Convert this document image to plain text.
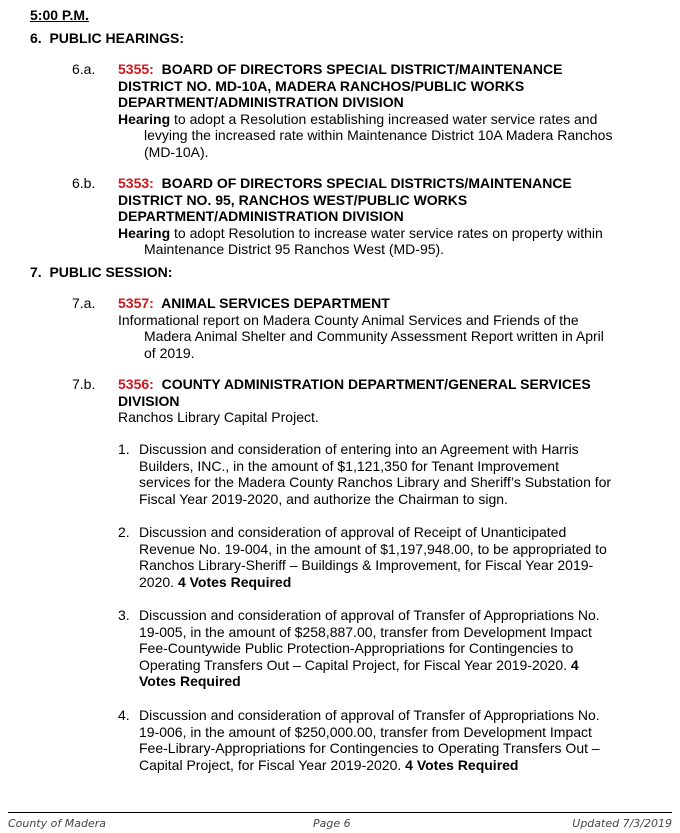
5:00 P.M.
6. PUBLIC HEARINGS:
6.a. 5355: BOARD OF DIRECTORS SPECIAL DISTRICT/MAINTENANCE DISTRICT NO. MD-10A, MADERA RANCHOS/PUBLIC WORKS DEPARTMENT/ADMINISTRATION DIVISION
Hearing to adopt a Resolution establishing increased water service rates and levying the increased rate within Maintenance District 10A Madera Ranchos (MD-10A).
6.b. 5353: BOARD OF DIRECTORS SPECIAL DISTRICTS/MAINTENANCE DISTRICT NO. 95, RANCHOS WEST/PUBLIC WORKS DEPARTMENT/ADMINISTRATION DIVISION
Hearing to adopt Resolution to increase water service rates on property within Maintenance District 95 Ranchos West (MD-95).
7. PUBLIC SESSION:
7.a. 5357: ANIMAL SERVICES DEPARTMENT
Informational report on Madera County Animal Services and Friends of the Madera Animal Shelter and Community Assessment Report written in April of 2019.
7.b. 5356: COUNTY ADMINISTRATION DEPARTMENT/GENERAL SERVICES DIVISION
Ranchos Library Capital Project.
1. Discussion and consideration of entering into an Agreement with Harris Builders, INC., in the amount of $1,121,350 for Tenant Improvement services for the Madera County Ranchos Library and Sheriff’s Substation for Fiscal Year 2019-2020, and authorize the Chairman to sign.
2. Discussion and consideration of approval of Receipt of Unanticipated Revenue No. 19-004, in the amount of $1,197,948.00, to be appropriated to Ranchos Library-Sheriff – Buildings & Improvement, for Fiscal Year 2019-2020. 4 Votes Required
3. Discussion and consideration of approval of Transfer of Appropriations No. 19-005, in the amount of $258,887.00, transfer from Development Impact Fee-Countywide Public Protection-Appropriations for Contingencies to Operating Transfers Out – Capital Project, for Fiscal Year 2019-2020. 4 Votes Required
4. Discussion and consideration of approval of Transfer of Appropriations No. 19-006, in the amount of $250,000.00, transfer from Development Impact Fee-Library-Appropriations for Contingencies to Operating Transfers Out – Capital Project, for Fiscal Year 2019-2020. 4 Votes Required
County of Madera	Page 6	Updated 7/3/2019
